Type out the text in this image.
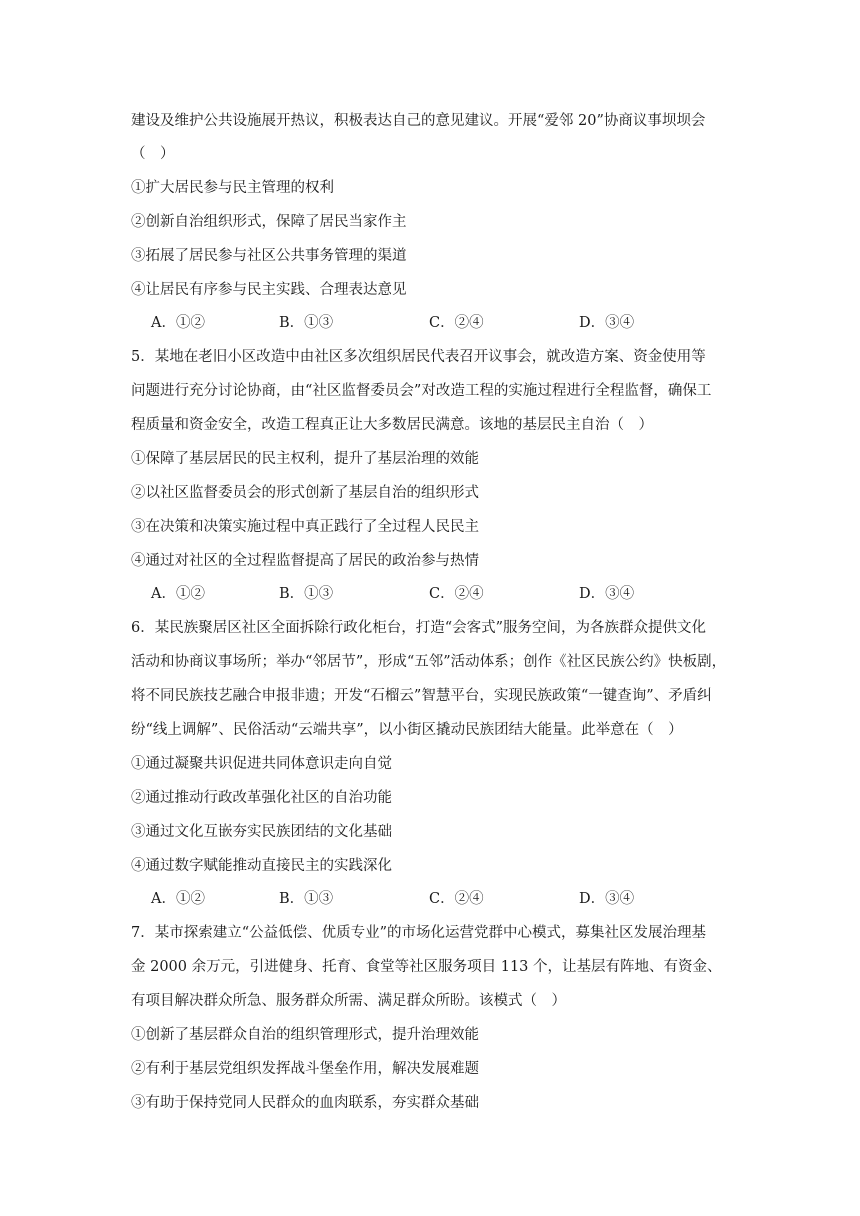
建设及维护公共设施展开热议，积极表达自己的意见建议。开展“爱邻 20”协商议事坝坝会
（　）
①扩大居民参与民主管理的权利
②创新自治组织形式，保障了居民当家作主
③拓展了居民参与社区公共事务管理的渠道
④让居民有序参与民主实践、合理表达意见
A．①②	B．①③	C．②④	D．③④
5．某地在老旧小区改造中由社区多次组织居民代表召开议事会，就改造方案、资金使用等
问题进行充分讨论协商，由“社区监督委员会”对改造工程的实施过程进行全程监督，确保工
程质量和资金安全，改造工程真正让大多数居民满意。该地的基层民主自治（　）
①保障了基层居民的民主权利，提升了基层治理的效能
②以社区监督委员会的形式创新了基层自治的组织形式
③在决策和决策实施过程中真正践行了全过程人民民主
④通过对社区的全过程监督提高了居民的政治参与热情
A．①②	B．①③	C．②④	D．③④
6．某民族聚居区社区全面拆除行政化柜台，打造“会客式”服务空间，为各族群众提供文化
活动和协商议事场所；举办“邻居节”，形成“五邻”活动体系；创作《社区民族公约》快板剧，
将不同民族技艺融合申报非遗；开发“石榴云”智慧平台，实现民族政策“一键查询”、矛盾纠
纷“线上调解”、民俗活动“云端共享”，以小街区撬动民族团结大能量。此举意在（　）
①通过凝聚共识促进共同体意识走向自觉
②通过推动行政改革强化社区的自治功能
③通过文化互嵌夯实民族团结的文化基础
④通过数字赋能推动直接民主的实践深化
A．①②	B．①③	C．②④	D．③④
7．某市探索建立“公益低偿、优质专业”的市场化运营党群中心模式，募集社区发展治理基
金 2000 余万元，引进健身、托育、食堂等社区服务项目 113 个，让基层有阵地、有资金、
有项目解决群众所急、服务群众所需、满足群众所盼。该模式（　）
①创新了基层群众自治的组织管理形式，提升治理效能
②有利于基层党组织发挥战斗堡垒作用，解决发展难题
③有助于保持党同人民群众的血肉联系，夯实群众基础
